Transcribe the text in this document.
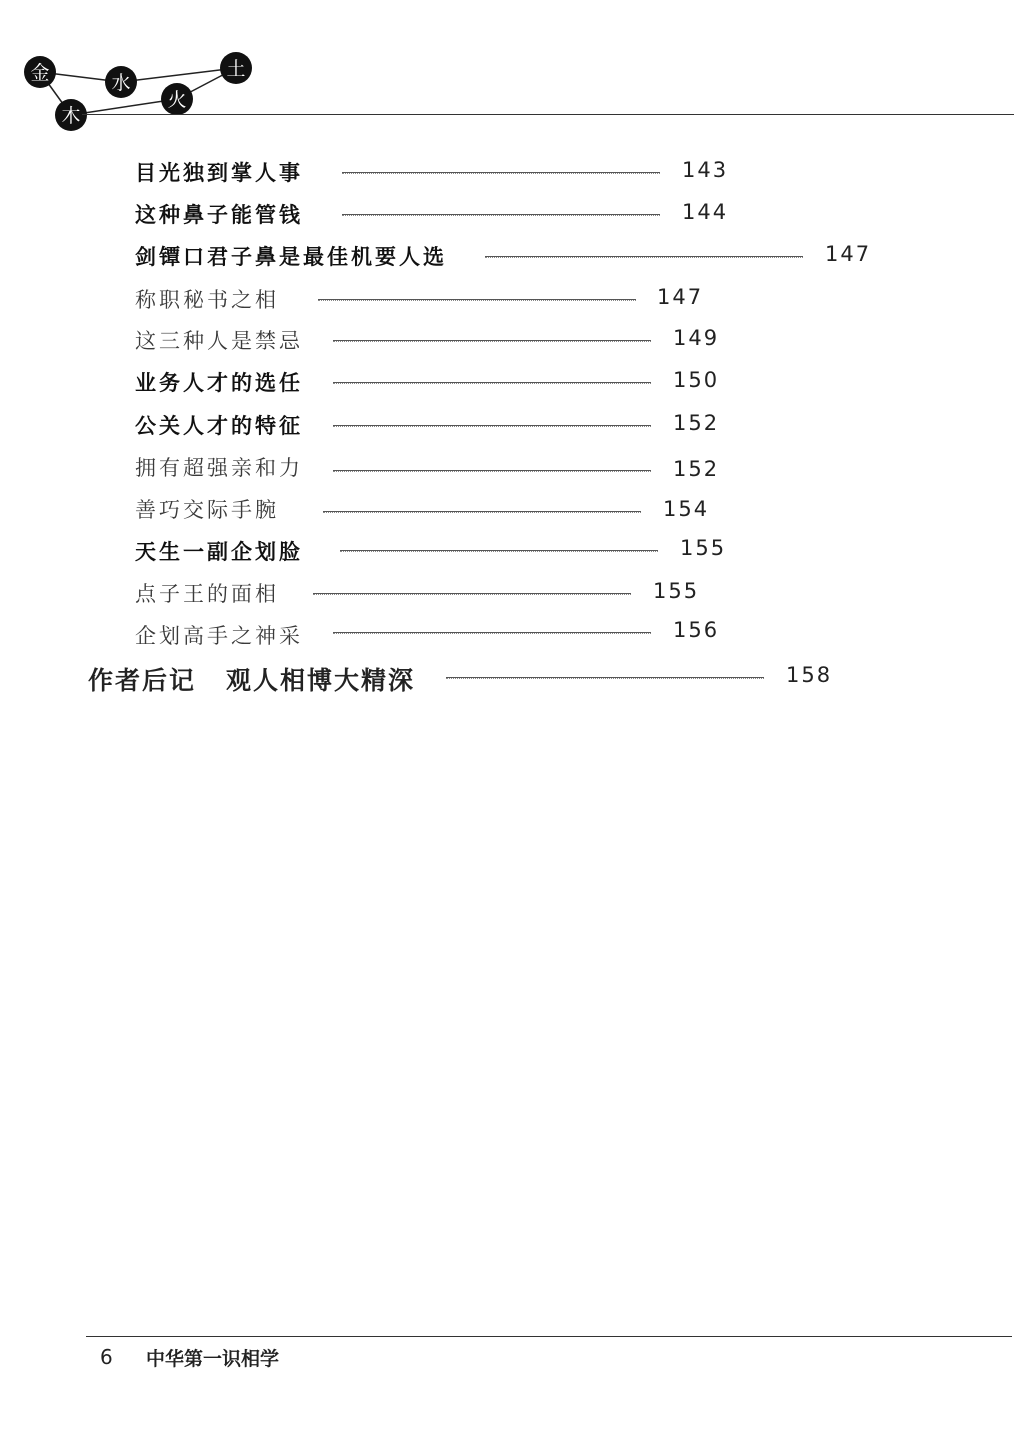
金
木
水
火
土
目光独到掌人事	143
这种鼻子能管钱	144
剑镡口君子鼻是最佳机要人选	147
称职秘书之相	147
这三种人是禁忌	149
业务人才的选任	150
公关人才的特征	152
拥有超强亲和力	152
善巧交际手腕	154
天生一副企划脸	155
点子王的面相	155
企划高手之神采	156
作者后记 观人相博大精深	158
6	中华第一识相学
